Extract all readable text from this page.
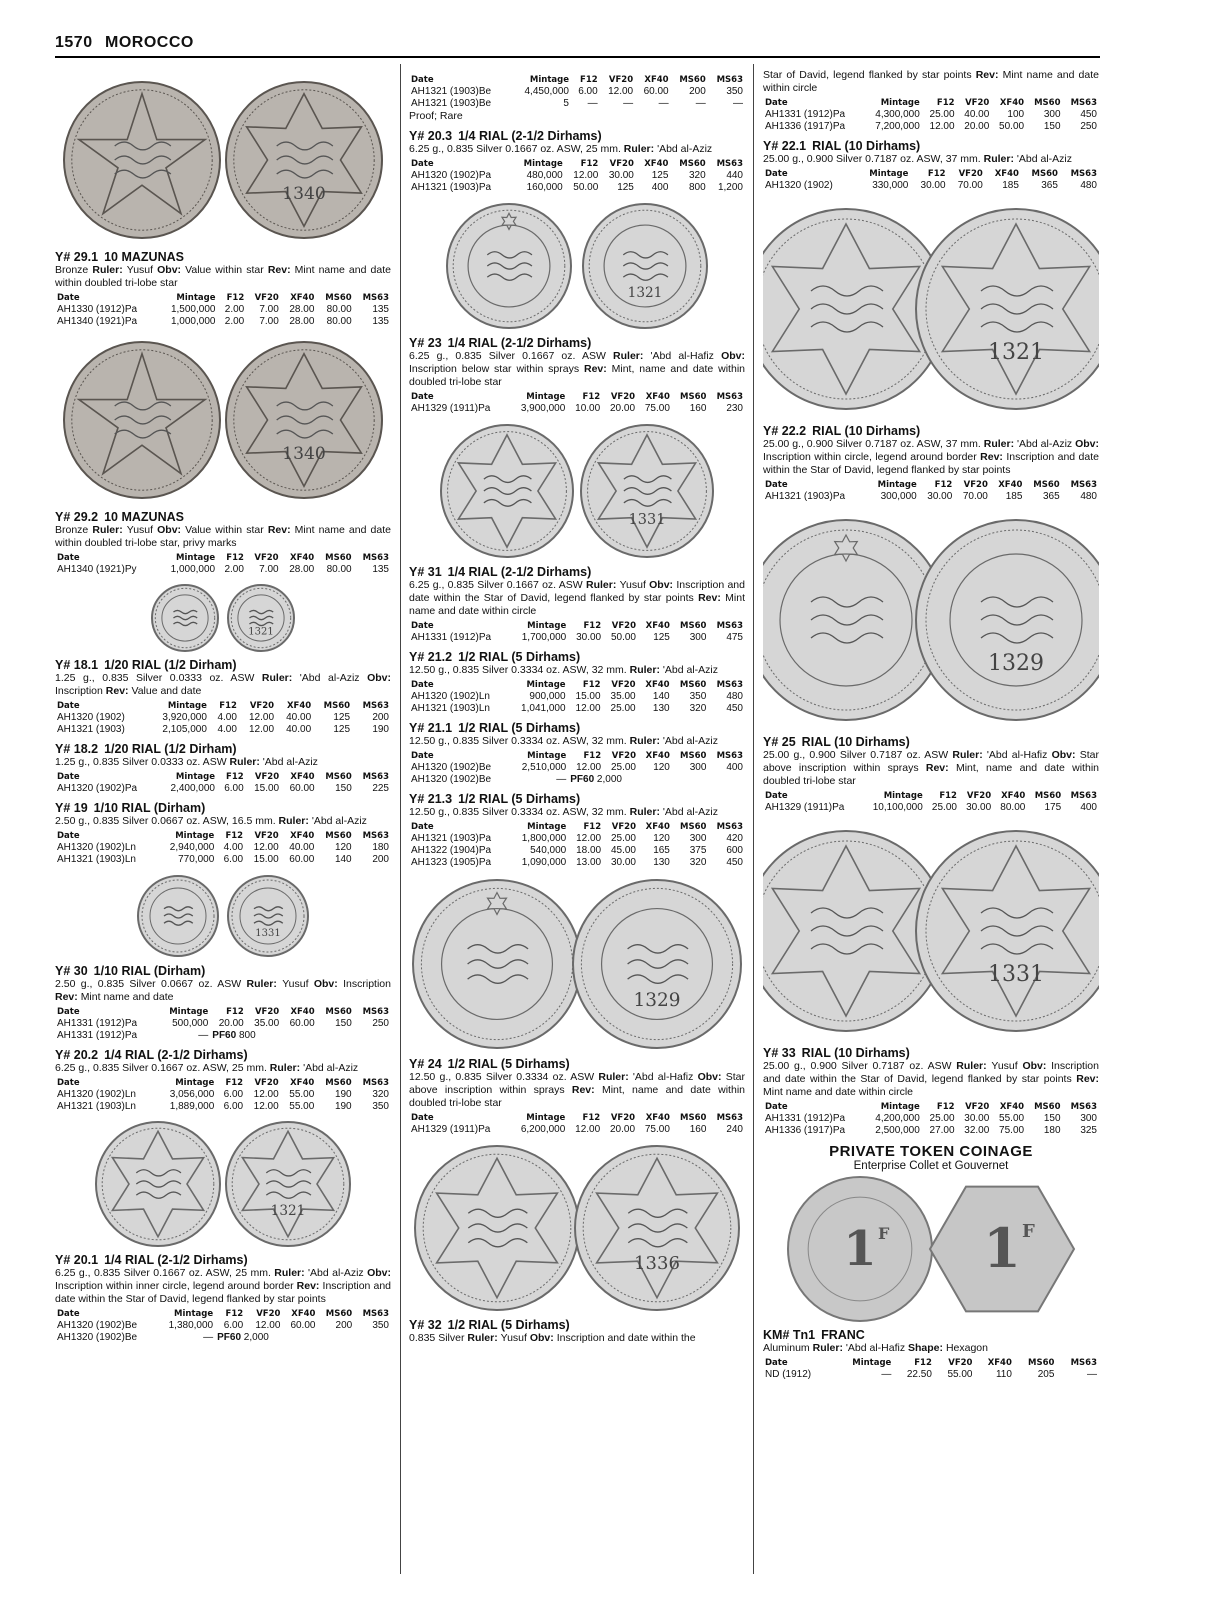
1570 MOROCCO
1340
Y# 29.1 10 MAZUNAS
Bronze Ruler: Yusuf Obv: Value within star Rev: Mint name and date within doubled tri-lobe star
Date	Mintage	F12	VF20	XF40	MS60	MS63
AH1330 (1912)Pa	1,500,000	2.00	7.00	28.00	80.00	135
AH1340 (1921)Pa	1,000,000	2.00	7.00	28.00	80.00	135
1340
Y# 29.2 10 MAZUNAS
Bronze Ruler: Yusuf Obv: Value within star Rev: Mint name and date within doubled tri-lobe star, privy marks
Date	Mintage	F12	VF20	XF40	MS60	MS63
AH1340 (1921)Py	1,000,000	2.00	7.00	28.00	80.00	135
1321
Y# 18.1 1/20 RIAL (1/2 Dirham)
1.25 g., 0.835 Silver 0.0333 oz. ASW Ruler: 'Abd al-Aziz Obv: Inscription Rev: Value and date
Date	Mintage	F12	VF20	XF40	MS60	MS63
AH1320 (1902)	3,920,000	4.00	12.00	40.00	125	200
AH1321 (1903)	2,105,000	4.00	12.00	40.00	125	190
Y# 18.2 1/20 RIAL (1/2 Dirham)
1.25 g., 0.835 Silver 0.0333 oz. ASW Ruler: 'Abd al-Aziz
Date	Mintage	F12	VF20	XF40	MS60	MS63
AH1320 (1902)Pa	2,400,000	6.00	15.00	60.00	150	225
Y# 19 1/10 RIAL (Dirham)
2.50 g., 0.835 Silver 0.0667 oz. ASW, 16.5 mm. Ruler: 'Abd al-Aziz
Date	Mintage	F12	VF20	XF40	MS60	MS63
AH1320 (1902)Ln	2,940,000	4.00	12.00	40.00	120	180
AH1321 (1903)Ln	770,000	6.00	15.00	60.00	140	200
1331
Y# 30 1/10 RIAL (Dirham)
2.50 g., 0.835 Silver 0.0667 oz. ASW Ruler: Yusuf Obv: Inscription Rev: Mint name and date
Date	Mintage	F12	VF20	XF40	MS60	MS63
AH1331 (1912)Pa	500,000	20.00	35.00	60.00	150	250
AH1331 (1912)Pa	—	PF60 800				
Y# 20.2 1/4 RIAL (2-1/2 Dirhams)
6.25 g., 0.835 Silver 0.1667 oz. ASW, 25 mm. Ruler: 'Abd al-Aziz
Date	Mintage	F12	VF20	XF40	MS60	MS63
AH1320 (1902)Ln	3,056,000	6.00	12.00	55.00	190	320
AH1321 (1903)Ln	1,889,000	6.00	12.00	55.00	190	350
1321
Y# 20.1 1/4 RIAL (2-1/2 Dirhams)
6.25 g., 0.835 Silver 0.1667 oz. ASW, 25 mm. Ruler: 'Abd al-Aziz Obv: Inscription within inner circle, legend around border Rev: Inscription and date within the Star of David, legend flanked by star points
Date	Mintage	F12	VF20	XF40	MS60	MS63
AH1320 (1902)Be	1,380,000	6.00	12.00	60.00	200	350
AH1320 (1902)Be	—	PF60 2,000				
Date	Mintage	F12	VF20	XF40	MS60	MS63
AH1321 (1903)Be	4,450,000	6.00	12.00	60.00	200	350
AH1321 (1903)Be	5	—	—	—	—	—
Proof; Rare
Y# 20.3 1/4 RIAL (2-1/2 Dirhams)
6.25 g., 0.835 Silver 0.1667 oz. ASW, 25 mm. Ruler: 'Abd al-Aziz
Date	Mintage	F12	VF20	XF40	MS60	MS63
AH1320 (1902)Pa	480,000	12.00	30.00	125	320	440
AH1321 (1903)Pa	160,000	50.00	125	400	800	1,200
1321
Y# 23 1/4 RIAL (2-1/2 Dirhams)
6.25 g., 0.835 Silver 0.1667 oz. ASW Ruler: 'Abd al-Hafiz Obv: Inscription below star within sprays Rev: Mint, name and date within doubled tri-lobe star
Date	Mintage	F12	VF20	XF40	MS60	MS63
AH1329 (1911)Pa	3,900,000	10.00	20.00	75.00	160	230
1331
Y# 31 1/4 RIAL (2-1/2 Dirhams)
6.25 g., 0.835 Silver 0.1667 oz. ASW Ruler: Yusuf Obv: Inscription and date within the Star of David, legend flanked by star points Rev: Mint name and date within circle
Date	Mintage	F12	VF20	XF40	MS60	MS63
AH1331 (1912)Pa	1,700,000	30.00	50.00	125	300	475
Y# 21.2 1/2 RIAL (5 Dirhams)
12.50 g., 0.835 Silver 0.3334 oz. ASW, 32 mm. Ruler: 'Abd al-Aziz
Date	Mintage	F12	VF20	XF40	MS60	MS63
AH1320 (1902)Ln	900,000	15.00	35.00	140	350	480
AH1321 (1903)Ln	1,041,000	12.00	25.00	130	320	450
Y# 21.1 1/2 RIAL (5 Dirhams)
12.50 g., 0.835 Silver 0.3334 oz. ASW, 32 mm. Ruler: 'Abd al-Aziz
Date	Mintage	F12	VF20	XF40	MS60	MS63
AH1320 (1902)Be	2,510,000	12.00	25.00	120	300	400
AH1320 (1902)Be	—	PF60 2,000				
Y# 21.3 1/2 RIAL (5 Dirhams)
12.50 g., 0.835 Silver 0.3334 oz. ASW, 32 mm. Ruler: 'Abd al-Aziz
Date	Mintage	F12	VF20	XF40	MS60	MS63
AH1321 (1903)Pa	1,800,000	12.00	25.00	120	300	420
AH1322 (1904)Pa	540,000	18.00	45.00	165	375	600
AH1323 (1905)Pa	1,090,000	13.00	30.00	130	320	450
1329
Y# 24 1/2 RIAL (5 Dirhams)
12.50 g., 0.835 Silver 0.3334 oz. ASW Ruler: 'Abd al-Hafiz Obv: Star above inscription within sprays Rev: Mint, name and date within doubled tri-lobe star
Date	Mintage	F12	VF20	XF40	MS60	MS63
AH1329 (1911)Pa	6,200,000	12.00	20.00	75.00	160	240
1336
Y# 32 1/2 RIAL (5 Dirhams)
0.835 Silver Ruler: Yusuf Obv: Inscription and date within the
Star of David, legend flanked by star points Rev: Mint name and date within circle
Date	Mintage	F12	VF20	XF40	MS60	MS63
AH1331 (1912)Pa	4,300,000	25.00	40.00	100	300	450
AH1336 (1917)Pa	7,200,000	12.00	20.00	50.00	150	250
Y# 22.1 RIAL (10 Dirhams)
25.00 g., 0.900 Silver 0.7187 oz. ASW, 37 mm. Ruler: 'Abd al-Aziz
Date	Mintage	F12	VF20	XF40	MS60	MS63
AH1320 (1902)	330,000	30.00	70.00	185	365	480
1321
Y# 22.2 RIAL (10 Dirhams)
25.00 g., 0.900 Silver 0.7187 oz. ASW, 37 mm. Ruler: 'Abd al-Aziz Obv: Inscription within circle, legend around border Rev: Inscription and date within the Star of David, legend flanked by star points
Date	Mintage	F12	VF20	XF40	MS60	MS63
AH1321 (1903)Pa	300,000	30.00	70.00	185	365	480
1329
Y# 25 RIAL (10 Dirhams)
25.00 g., 0.900 Silver 0.7187 oz. ASW Ruler: 'Abd al-Hafiz Obv: Star above inscription within sprays Rev: Mint, name and date within doubled tri-lobe star
Date	Mintage	F12	VF20	XF40	MS60	MS63
AH1329 (1911)Pa	10,100,000	25.00	30.00	80.00	175	400
1331
Y# 33 RIAL (10 Dirhams)
25.00 g., 0.900 Silver 0.7187 oz. ASW Ruler: Yusuf Obv: Inscription and date within the Star of David, legend flanked by star points Rev: Mint name and date within circle
Date	Mintage	F12	VF20	XF40	MS60	MS63
AH1331 (1912)Pa	4,200,000	25.00	30.00	55.00	150	300
AH1336 (1917)Pa	2,500,000	27.00	32.00	75.00	180	325
PRIVATE TOKEN COINAGE
Enterprise Collet et Gouvernet
1 F 1 F
KM# Tn1 FRANC
Aluminum Ruler: 'Abd al-Hafiz Shape: Hexagon
Date	Mintage	F12	VF20	XF40	MS60	MS63
ND (1912)	—	22.50	55.00	110	205	—
